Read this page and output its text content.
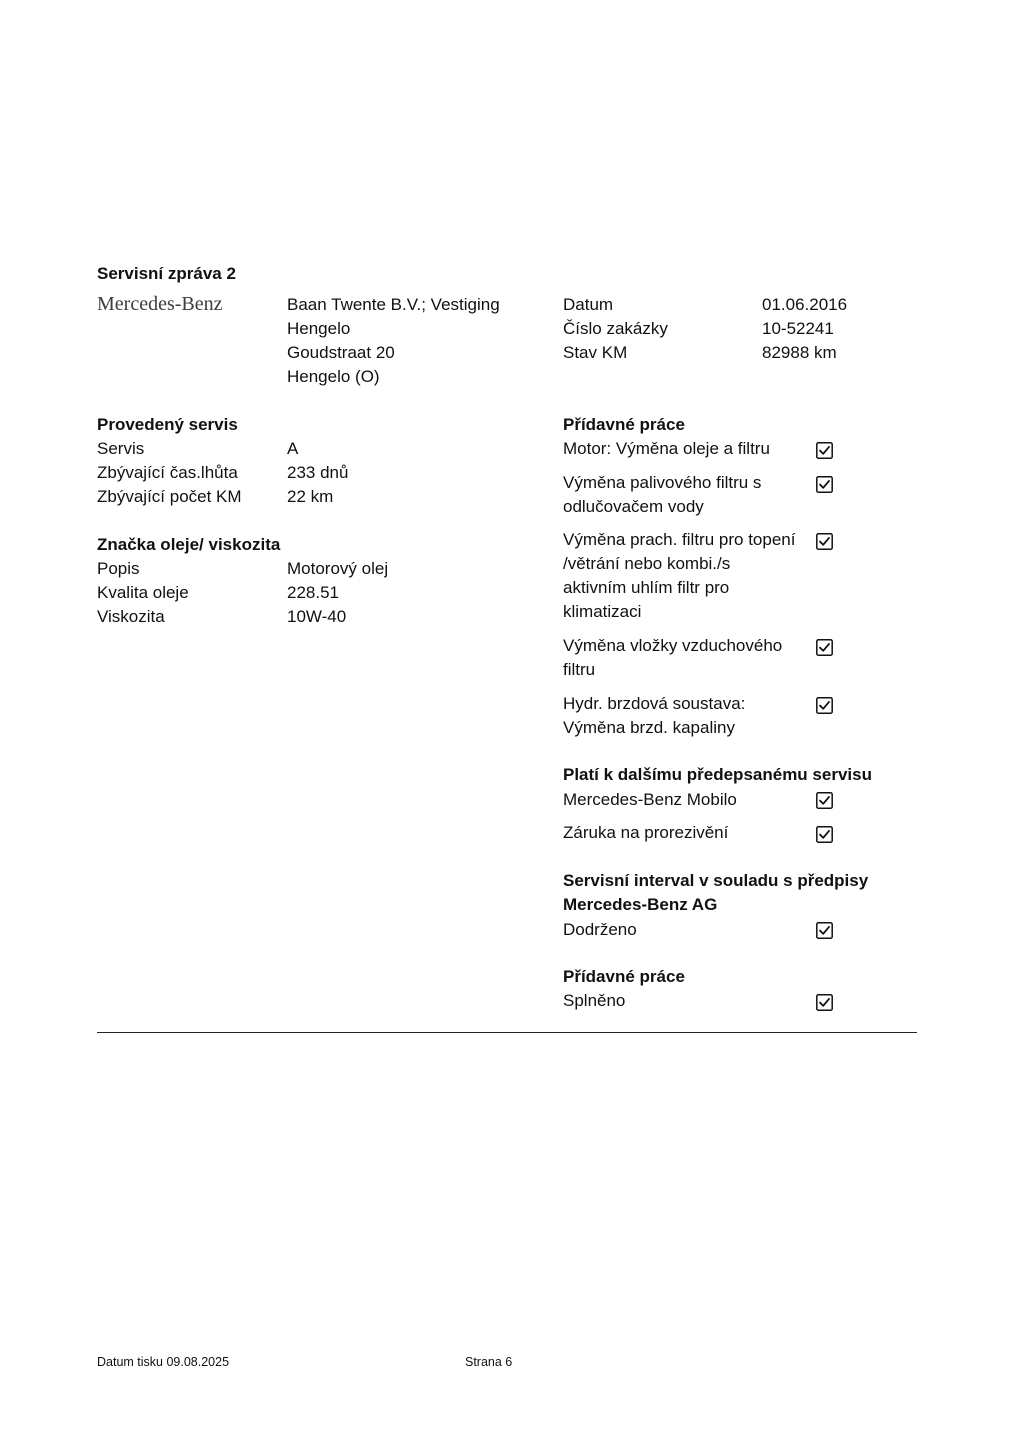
Servisní zpráva 2
Mercedes-Benz	Baan Twente B.V.; Vestiging
Hengelo
Goudstraat 20
Hengelo (O)
Datum	01.06.2016
Číslo zakázky	10-52241
Stav KM	82988 km
Provedený servis
Servis	A
Zbývající čas.lhůta	233 dnů
Zbývající počet KM	22 km
Značka oleje/ viskozita
Popis	Motorový olej
Kvalita oleje	228.51
Viskozita	10W-40
Přídavné práce
Motor: Výměna oleje a filtru
Výměna palivového filtru s
odlučovačem vody
Výměna prach. filtru pro topení
/větrání nebo kombi./s
aktivním uhlím filtr pro
klimatizaci
Výměna vložky vzduchového
filtru
Hydr. brzdová soustava:
Výměna brzd. kapaliny
Platí k dalšímu předepsanému servisu
Mercedes-Benz Mobilo
Záruka na prorezivění
Servisní interval v souladu s předpisy
Mercedes-Benz AG
Dodrženo
Přídavné práce
Splněno
Datum tisku 09.08.2025	Strana 6
